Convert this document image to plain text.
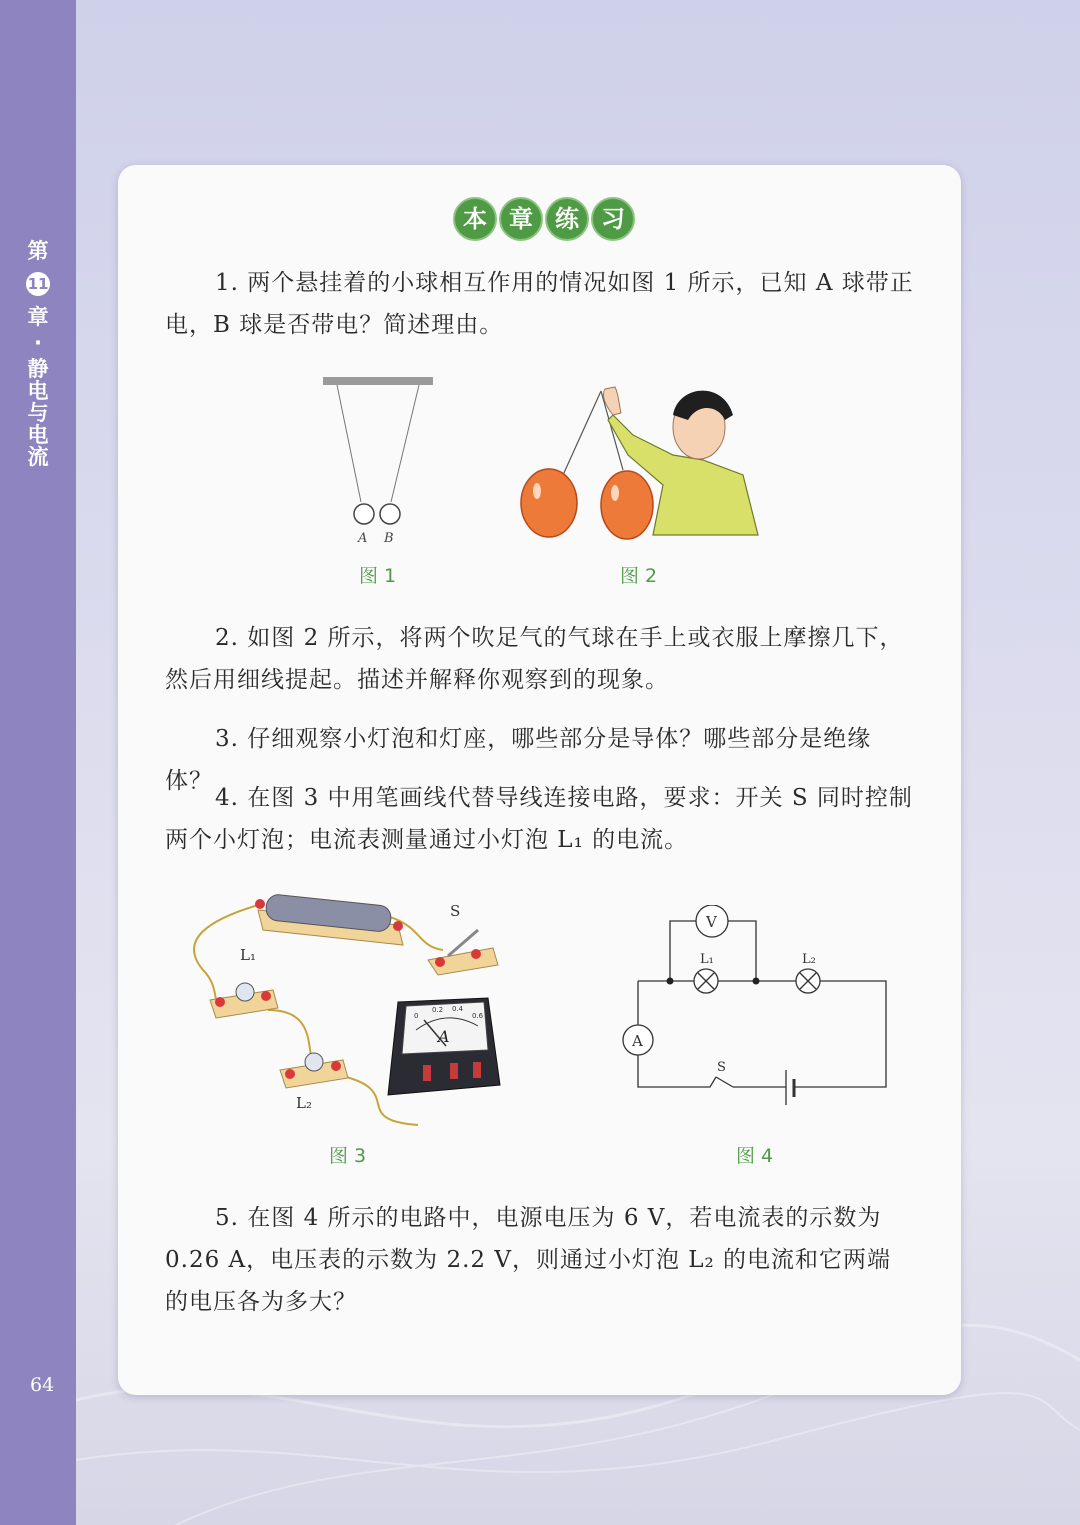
第
11
章
·
静
电
与
电
流
64
本 章 练 习

1. 两个悬挂着的小球相互作用的情况如图 1 所示，已知 A 球带正电，B 球是否带电？简述理由。

A B
图 1	图 2

2. 如图 2 所示，将两个吹足气的气球在手上或衣服上摩擦几下，然后用细线提起。描述并解释你观察到的现象。

3. 仔细观察小灯泡和灯座，哪些部分是导体？哪些部分是绝缘体？

4. 在图 3 中用笔画线代替导线连接电路，要求：开关 S 同时控制两个小灯泡；电流表测量通过小灯泡 L₁ 的电流。

S
L₁
L₂
A
0
0.2 0.4
0.6
图 3
V
A
L₁	L₂
S
图 4

5. 在图 4 所示的电路中，电源电压为 6 V，若电流表的示数为 0.26 A，电压表的示数为 2.2 V，则通过小灯泡 L₂ 的电流和它两端的电压各为多大？
